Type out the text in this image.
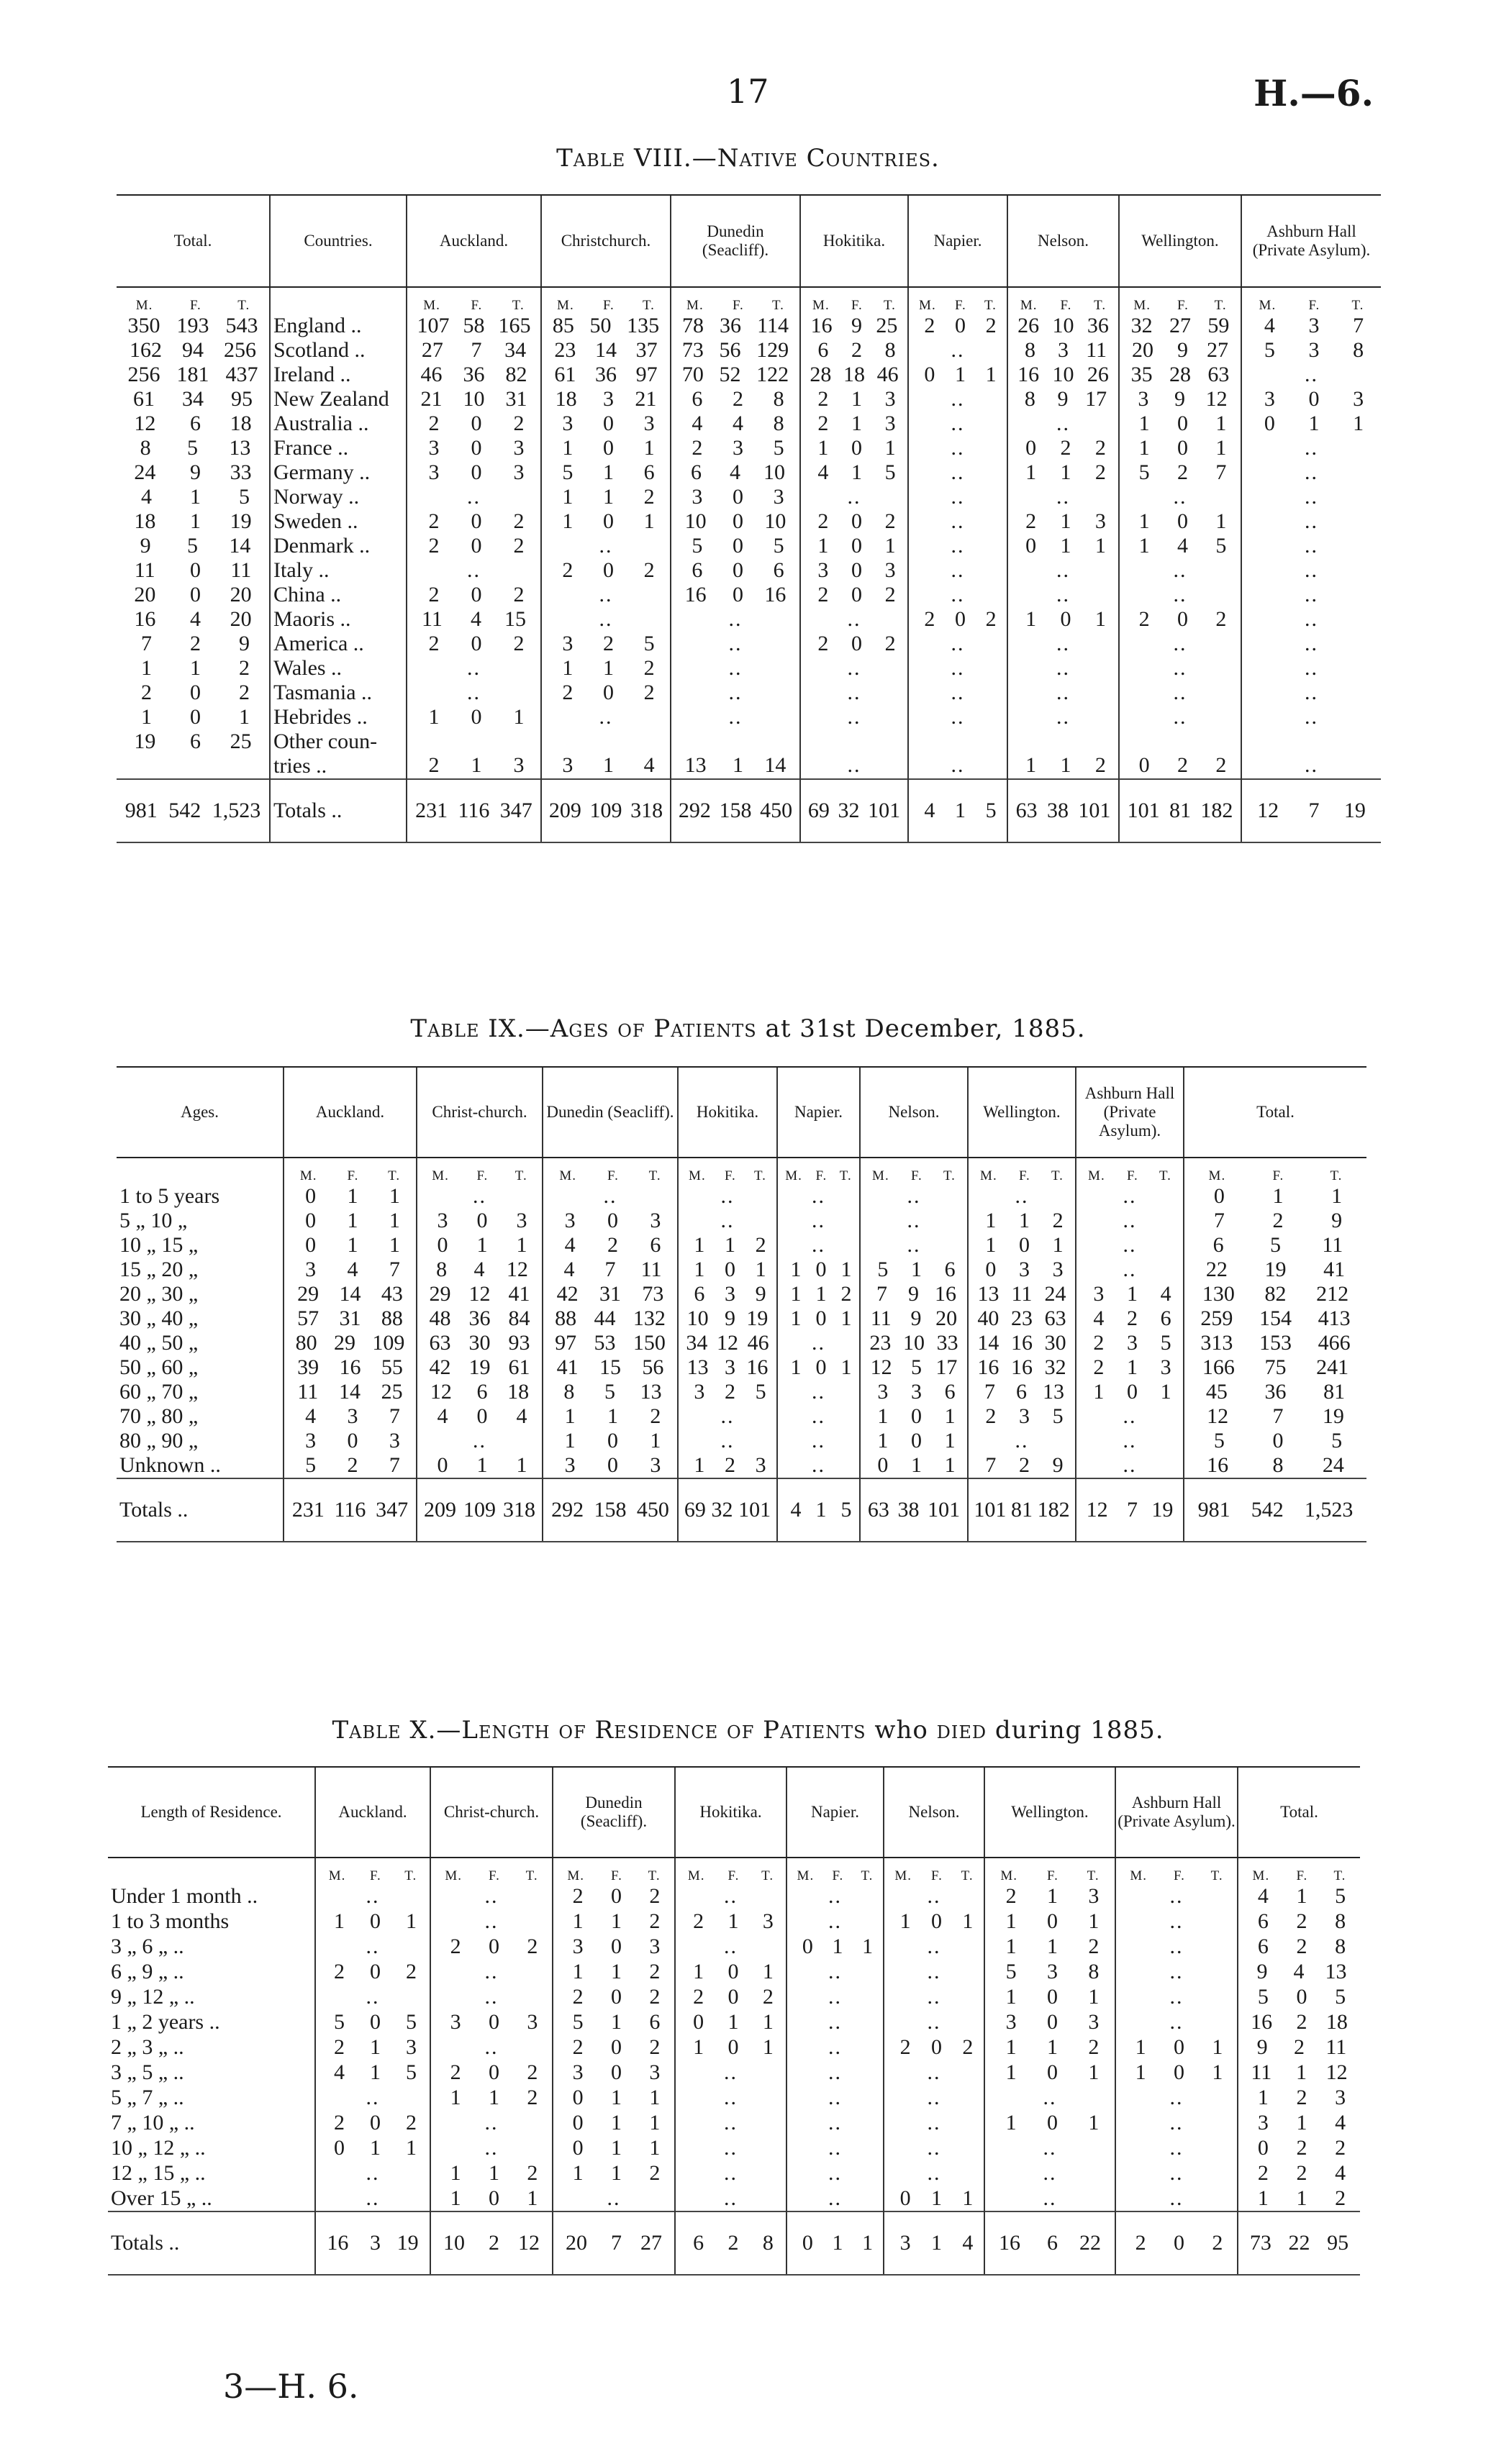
17	H.—6.
Table VIII.—Native Countries.
Total.	Countries.	Auckland.	Christchurch.	Dunedin (Seacliff).	Hokitika.	Napier.	Nelson.	Wellington.	Ashburn Hall (Private Asylum).

M. F. T.		M. F. T.	M. F. T.	M. F. T.	M. F. T.	M. F. T.	M. F. T.	M. F. T.	M. F. T.

350 193 543	England ..	107 58 165	85 50 135	78 36 114	16 9 25	2 0 2	26 10 36	32 27 59	4 3 7

162 94 256	Scotland ..	27 7 34	23 14 37	73 56 129	6 2 8	..	8 3 11	20 9 27	5 3 8

256 181 437	Ireland ..	46 36 82	61 36 97	70 52 122	28 18 46	0 1 1	16 10 26	35 28 63	..

61 34 95	New Zealand	21 10 31	18 3 21	6 2 8	2 1 3	..	8 9 17	3 9 12	3 0 3

12 6 18	Australia ..	2 0 2	3 0 3	4 4 8	2 1 3	..	..	1 0 1	0 1 1

8 5 13	France ..	3 0 3	1 0 1	2 3 5	1 0 1	..	0 2 2	1 0 1	..

24 9 33	Germany ..	3 0 3	5 1 6	6 4 10	4 1 5	..	1 1 2	5 2 7	..

4 1 5	Norway ..	..	1 1 2	3 0 3	..	..	..	..	..

18 1 19	Sweden ..	2 0 2	1 0 1	10 0 10	2 0 2	..	2 1 3	1 0 1	..

9 5 14	Denmark ..	2 0 2	..	5 0 5	1 0 1	..	0 1 1	1 4 5	..

11 0 11	Italy ..	..	2 0 2	6 0 6	3 0 3	..	..	..	..

20 0 20	China ..	2 0 2	..	16 0 16	2 0 2	..	..	..	..

16 4 20	Maoris ..	11 4 15	..	..	..	2 0 2	1 0 1	2 0 2	..

7 2 9	America ..	2 0 2	3 2 5	..	2 0 2	..	..	..	..

1 1 2	Wales ..	..	1 1 2	..	..	..	..	..	..

2 0 2	Tasmania ..	..	2 0 2	..	..	..	..	..	..

1 0 1	Hebrides ..	1 0 1	..	..	..	..	..	..	..

19 6 25	Other coun-
tries ..	2 1 3	3 1 4	13 1 14	..	..	1 1 2	0 2 2	..

981 542 1,523	Totals ..	231 116 347	209 109 318	292 158 450	69 32 101	4 1 5	63 38 101	101 81 182	12 7 19
Table IX.—Ages of Patients at 31st December, 1885.
Ages.	Auckland.	Christ-church.	Dunedin (Seacliff).	Hokitika.	Napier.	Nelson.	Wellington.	Ashburn Hall (Private Asylum).	Total.

	M. F. T.	M. F. T.	M. F. T.	M. F. T.	M. F. T.	M. F. T.	M. F. T.	M. F. T.	M. F. T.

1 to 5 years	0 1 1	..	..	..	..	..	..	..	0 1 1

5 „ 10 „	0 1 1	3 0 3	3 0 3	..	..	..	1 1 2	..	7 2 9

10 „ 15 „	0 1 1	0 1 1	4 2 6	1 1 2	..	..	1 0 1	..	6 5 11

15 „ 20 „	3 4 7	8 4 12	4 7 11	1 0 1	1 0 1	5 1 6	0 3 3	..	22 19 41

20 „ 30 „	29 14 43	29 12 41	42 31 73	6 3 9	1 1 2	7 9 16	13 11 24	3 1 4	130 82 212

30 „ 40 „	57 31 88	48 36 84	88 44 132	10 9 19	1 0 1	11 9 20	40 23 63	4 2 6	259 154 413

40 „ 50 „	80 29 109	63 30 93	97 53 150	34 12 46	..	23 10 33	14 16 30	2 3 5	313 153 466

50 „ 60 „	39 16 55	42 19 61	41 15 56	13 3 16	1 0 1	12 5 17	16 16 32	2 1 3	166 75 241

60 „ 70 „	11 14 25	12 6 18	8 5 13	3 2 5	..	3 3 6	7 6 13	1 0 1	45 36 81

70 „ 80 „	4 3 7	4 0 4	1 1 2	..	..	1 0 1	2 3 5	..	12 7 19

80 „ 90 „	3 0 3	..	1 0 1	..	..	1 0 1	..	..	5 0 5

Unknown ..	5 2 7	0 1 1	3 0 3	1 2 3	..	0 1 1	7 2 9	..	16 8 24

Totals ..	231 116 347	209 109 318	292 158 450	69 32 101	4 1 5	63 38 101	101 81 182	12 7 19	981 542 1,523
Table X.—Length of Residence of Patients who died during 1885.
Length of Residence.	Auckland.	Christ-church.	Dunedin (Seacliff).	Hokitika.	Napier.	Nelson.	Wellington.	Ashburn Hall (Private Asylum).	Total.

	M. F. T.	M. F. T.	M. F. T.	M. F. T.	M. F. T.	M. F. T.	M. F. T.	M. F. T.	M. F. T.

Under 1 month ..	..	..	2 0 2	..	..	..	2 1 3	..	4 1 5

1 to 3 months	1 0 1	..	1 1 2	2 1 3	..	1 0 1	1 0 1	..	6 2 8

3 „ 6 „ ..	..	2 0 2	3 0 3	..	0 1 1	..	1 1 2	..	6 2 8

6 „ 9 „ ..	2 0 2	..	1 1 2	1 0 1	..	..	5 3 8	..	9 4 13

9 „ 12 „ ..	..	..	2 0 2	2 0 2	..	..	1 0 1	..	5 0 5

1 „ 2 years ..	5 0 5	3 0 3	5 1 6	0 1 1	..	..	3 0 3	..	16 2 18

2 „ 3 „ ..	2 1 3	..	2 0 2	1 0 1	..	2 0 2	1 1 2	1 0 1	9 2 11

3 „ 5 „ ..	4 1 5	2 0 2	3 0 3	..	..	..	1 0 1	1 0 1	11 1 12

5 „ 7 „ ..	..	1 1 2	0 1 1	..	..	..	..	..	1 2 3

7 „ 10 „ ..	2 0 2	..	0 1 1	..	..	..	1 0 1	..	3 1 4

10 „ 12 „ ..	0 1 1	..	0 1 1	..	..	..	..	..	0 2 2

12 „ 15 „ ..	..	1 1 2	1 1 2	..	..	..	..	..	2 2 4

Over 15 „ ..	..	1 0 1	..	..	..	0 1 1	..	..	1 1 2

Totals ..	16 3 19	10 2 12	20 7 27	6 2 8	0 1 1	3 1 4	16 6 22	2 0 2	73 22 95
3—H. 6.
